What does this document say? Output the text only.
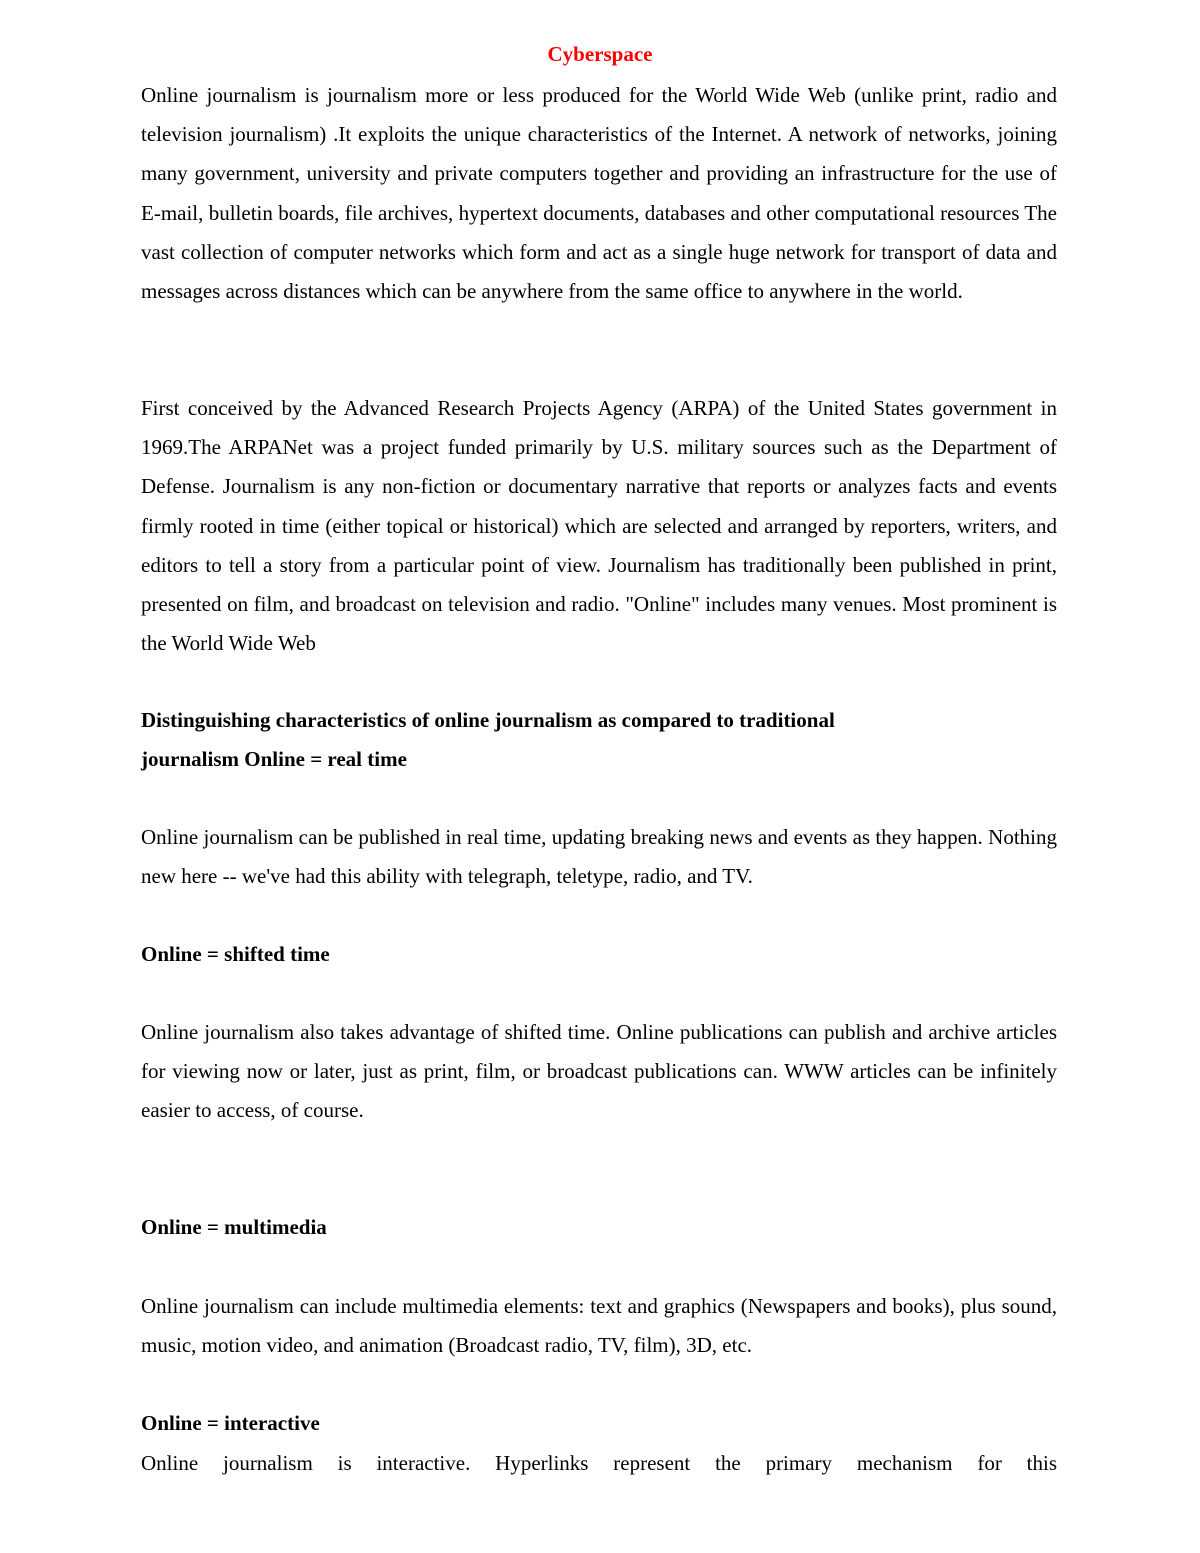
Cyberspace

Online journalism is journalism more or less produced for the World Wide Web (unlike print, radio and television journalism) .It exploits the unique characteristics of the Internet. A network of networks, joining many government, university and private computers together and providing an infrastructure for the use of E-mail, bulletin boards, file archives, hypertext documents, databases and other computational resources The vast collection of computer networks which form and act as a single huge network for transport of data and messages across distances which can be anywhere from the same office to anywhere in the world.

First conceived by the Advanced Research Projects Agency (ARPA) of the United States government in 1969.The ARPANet was a project funded primarily by U.S. military sources such as the Department of Defense. Journalism is any non-fiction or documentary narrative that reports or analyzes facts and events firmly rooted in time (either topical or historical) which are selected and arranged by reporters, writers, and editors to tell a story from a particular point of view. Journalism has traditionally been published in print, presented on film, and broadcast on television and radio. "Online" includes many venues. Most prominent is the World Wide Web

Distinguishing characteristics of online journalism as compared to traditional

journalism Online = real time

Online journalism can be published in real time, updating breaking news and events as they happen. Nothing new here -- we've had this ability with telegraph, teletype, radio, and TV.

Online = shifted time

Online journalism also takes advantage of shifted time. Online publications can publish and archive articles for viewing now or later, just as print, film, or broadcast publications can. WWW articles can be infinitely easier to access, of course.

Online = multimedia

Online journalism can include multimedia elements: text and graphics (Newspapers and books), plus sound, music, motion video, and animation (Broadcast radio, TV, film), 3D, etc.

Online = interactive

Online journalism is interactive. Hyperlinks represent the primary mechanism for this
